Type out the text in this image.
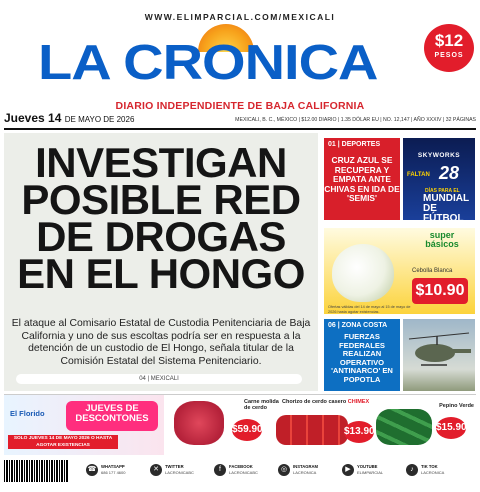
WWW.ELIMPARCIAL.COM/MEXICALI
LA CRONICA	$12
PESOS
DIARIO INDEPENDIENTE DE BAJA CALIFORNIA
Jueves 14 DE MAYO DE 2026	MEXICALI, B. C., MÉXICO | $12.00 DIARIO | 1.35 DÓLAR EU | NO. 12,147 | AÑO XXXIV | 32 PÁGINAS
INVESTIGAN POSIBLE RED DE DROGAS EN EL HONGO
El ataque al Comisario Estatal de Custodia Penitenciaria de Baja California y uno de sus escoltas podría ser en respuesta a la detención de un custodio de El Hongo, señala titular de la Comisión Estatal del Sistema Penitenciario.
04 | MEXICALI
01 | DEPORTES
CRUZ AZUL SE RECUPERA Y EMPATA ANTE CHIVAS EN IDA DE 'SEMIS'
SKYWORKS
FALTAN 28
DÍAS PARA EL
MUNDIAL DE FÚTBOL
super básicos
Cebolla Blanca
$10.90
Ofertas válidas del 14 de mayo al 15 de mayo de 2026 hasta agotar existencias.
06 | ZONA COSTA
FUERZAS FEDERALES REALIZAN OPERATIVO 'ANTINARCO' EN POPOTLA
El Florido	JUEVES DE DESCONTONES
SOLO JUEVES 14 DE MAYO 2026 O HASTA AGOTAR EXISTENCIAS
Carne molida de cerdo
$59.90
Chorizo de cerdo casero CHIMEX
$13.90
Pepino Verde
$15.90
☎	WHATSAPP
686 177 4600	✕	TWITTER
LACRONICABC	f	FACEBOOK
LACRONICABC	◎	INSTAGRAM
LACRONICA	▶	YOUTUBE
ELIMPARCIAL	♪	TIK TOK
LACRONICA
